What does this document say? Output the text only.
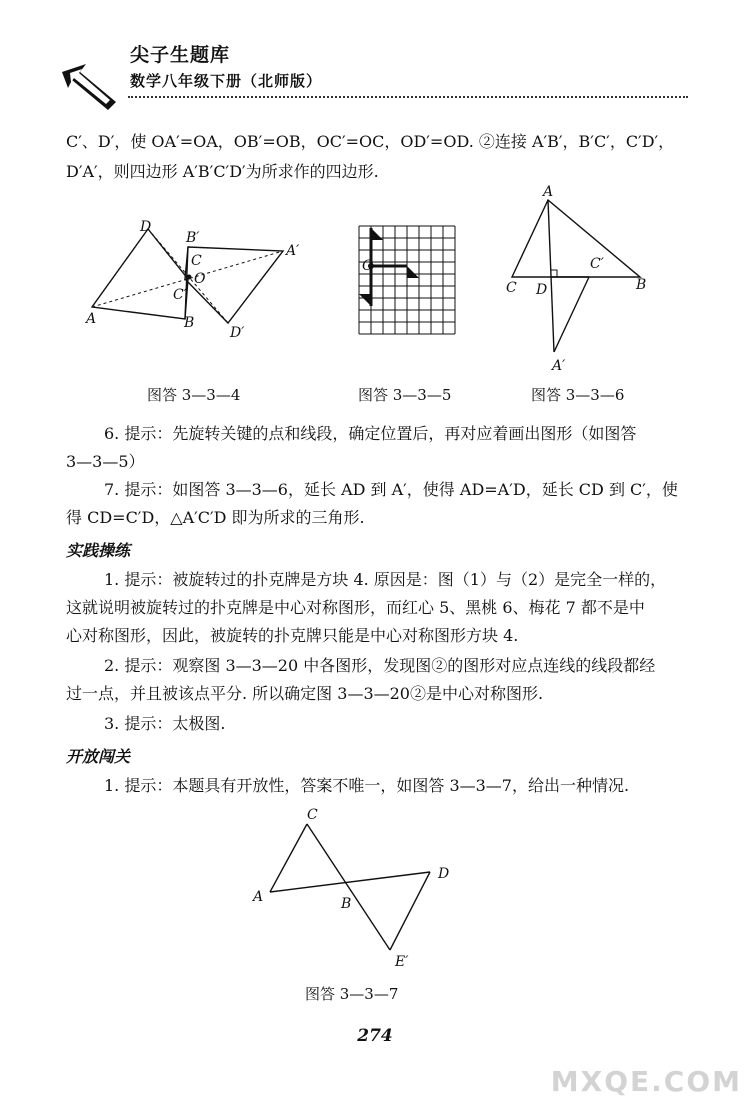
尖子生题库
数学八年级下册（北师版）
C′、D′，使 OA′=OA，OB′=OB，OC′=OC，OD′=OD. ②连接 A′B′，B′C′，C′D′，
D′A′，则四边形 A′B′C′D′为所求作的四边形.
D
B′
C
O
A′
C′
A	B
D′
图答 3—3—4
O
图答 3—3—5
A
C′
C D	B
A′
图答 3—3—6
6. 提示：先旋转关键的点和线段，确定位置后，再对应着画出图形（如图答
3—3—5）
7. 提示：如图答 3—3—6，延长 AD 到 A′，使得 AD=A′D，延长 CD 到 C′，使
得 CD=C′D，△A′C′D 即为所求的三角形.
实践操练
1. 提示：被旋转过的扑克牌是方块 4. 原因是：图（1）与（2）是完全一样的，
这就说明被旋转过的扑克牌是中心对称图形，而红心 5、黑桃 6、梅花 7 都不是中
心对称图形，因此，被旋转的扑克牌只能是中心对称图形方块 4.
2. 提示：观察图 3—3—20 中各图形，发现图②的图形对应点连线的线段都经
过一点，并且被该点平分. 所以确定图 3—3—20②是中心对称图形.
3. 提示：太极图.
开放闯关
1. 提示：本题具有开放性，答案不唯一，如图答 3—3—7，给出一种情况.
C
A	B
D
E′
图答 3—3—7
274
MXQE.COM
